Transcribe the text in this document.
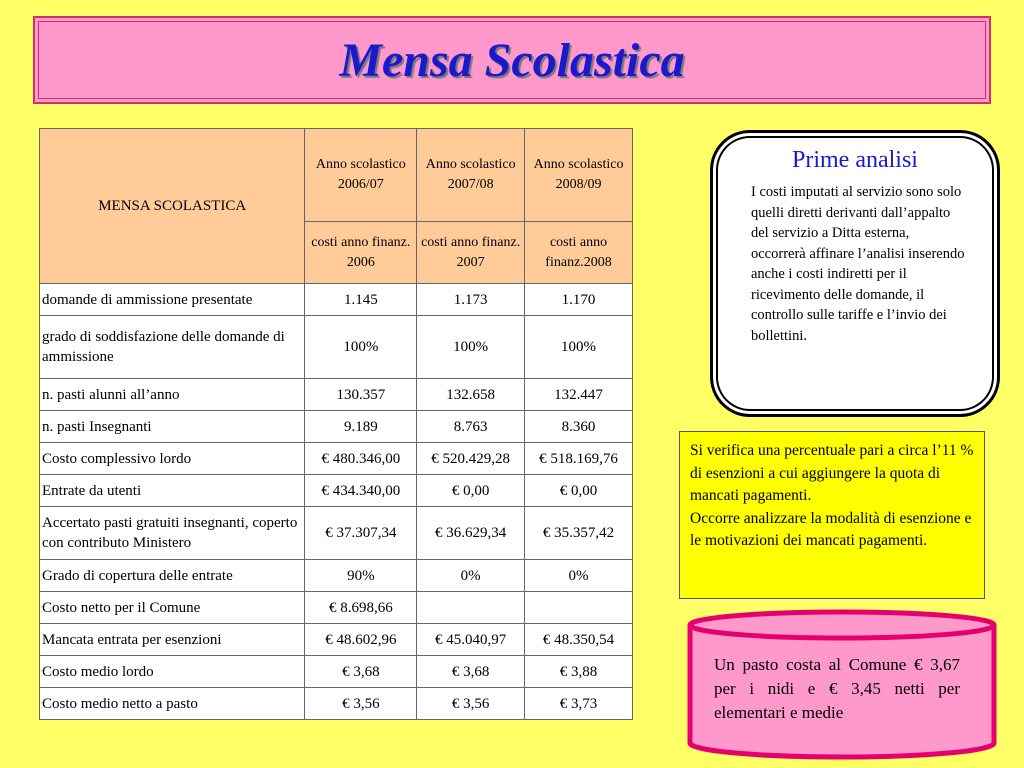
Mensa Scolastica
MENSA SCOLASTICA	Anno scolastico 2006/07	Anno scolastico 2007/08	Anno scolastico 2008/09
	costi anno finanz. 2006	costi anno finanz. 2007	costi anno finanz.2008
domande di ammissione presentate	1.145	1.173	1.170
grado di soddisfazione delle domande di ammissione	100%	100%	100%
n. pasti alunni all’anno	130.357	132.658	132.447
n. pasti Insegnanti	9.189	8.763	8.360
Costo complessivo lordo	€ 480.346,00	€ 520.429,28	€ 518.169,76
Entrate da utenti	€ 434.340,00	€ 0,00	€ 0,00
Accertato pasti gratuiti insegnanti, coperto con contributo Ministero	€ 37.307,34	€ 36.629,34	€ 35.357,42
Grado di copertura delle entrate	90%	0%	0%
Costo netto per il Comune	€ 8.698,66		
Mancata entrata per esenzioni	€ 48.602,96	€ 45.040,97	€ 48.350,54
Costo medio lordo	€ 3,68	€ 3,68	€ 3,88
Costo medio netto a pasto	€ 3,56	€ 3,56	€ 3,73
Prime analisi

I costi imputati al servizio sono solo quelli diretti derivanti dall’appalto del servizio a Ditta esterna, occorrerà affinare l’analisi inserendo anche i costi indiretti per il ricevimento delle domande, il controllo sulle tariffe e l’invio dei bollettini.

Si verifica una percentuale pari a circa l’11 % di esenzioni a cui aggiungere la quota di mancati pagamenti.

Occorre analizzare la modalità di esenzione e le motivazioni dei mancati pagamenti.

Un pasto costa al Comune € 3,67 per i nidi e € 3,45 netti per elementari e medie
